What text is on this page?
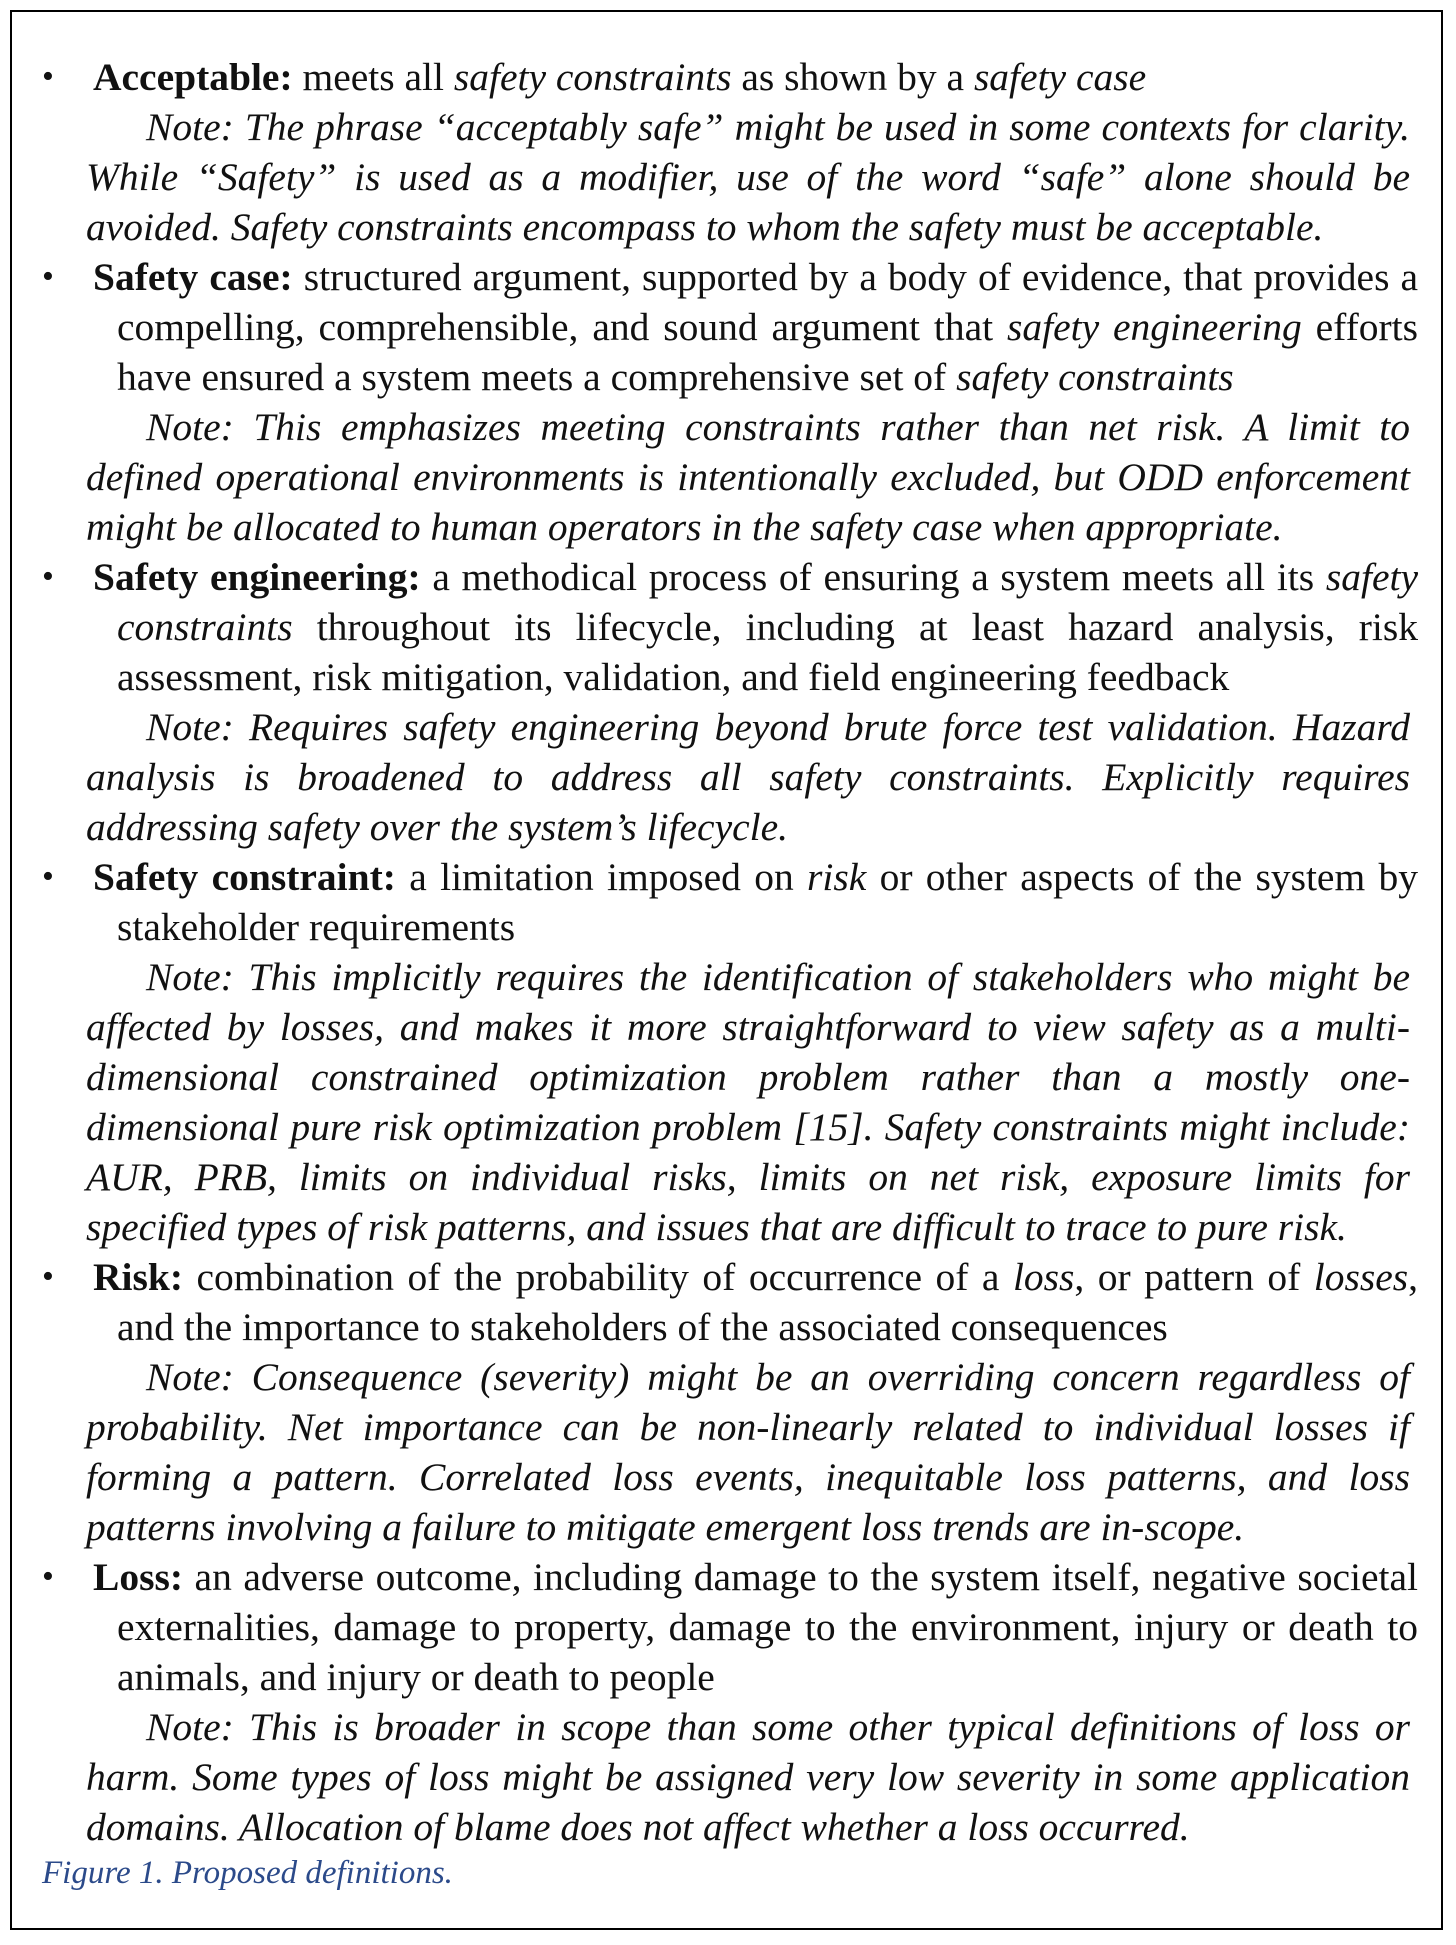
• Acceptable: meets all safety constraints as shown by a safety case
Note: The phrase “acceptably safe” might be used in some contexts for clarity. While “Safety” is used as a modifier, use of the word “safe” alone should be avoided. Safety constraints encompass to whom the safety must be acceptable.
• Safety case: structured argument, supported by a body of evidence, that provides a compelling, comprehensible, and sound argument that safety engineering efforts have ensured a system meets a comprehensive set of safety constraints
Note: This emphasizes meeting constraints rather than net risk. A limit to defined operational environments is intentionally excluded, but ODD enforcement might be allocated to human operators in the safety case when appropriate.
• Safety engineering: a methodical process of ensuring a system meets all its safety constraints throughout its lifecycle, including at least hazard analysis, risk assessment, risk mitigation, validation, and field engineering feedback
Note: Requires safety engineering beyond brute force test validation. Hazard analysis is broadened to address all safety constraints. Explicitly requires addressing safety over the system’s lifecycle.
• Safety constraint: a limitation imposed on risk or other aspects of the system by stakeholder requirements
Note: This implicitly requires the identification of stakeholders who might be affected by losses, and makes it more straightforward to view safety as a multi-dimensional constrained optimization problem rather than a mostly one-dimensional pure risk optimization problem [15]. Safety constraints might include: AUR, PRB, limits on individual risks, limits on net risk, exposure limits for specified types of risk patterns, and issues that are difficult to trace to pure risk.
• Risk: combination of the probability of occurrence of a loss, or pattern of losses, and the importance to stakeholders of the associated consequences
Note: Consequence (severity) might be an overriding concern regardless of probability. Net importance can be non-linearly related to individual losses if forming a pattern. Correlated loss events, inequitable loss patterns, and loss patterns involving a failure to mitigate emergent loss trends are in-scope.
• Loss: an adverse outcome, including damage to the system itself, negative societal externalities, damage to property, damage to the environment, injury or death to animals, and injury or death to people
Note: This is broader in scope than some other typical definitions of loss or harm. Some types of loss might be assigned very low severity in some application domains. Allocation of blame does not affect whether a loss occurred.
Figure 1. Proposed definitions.
